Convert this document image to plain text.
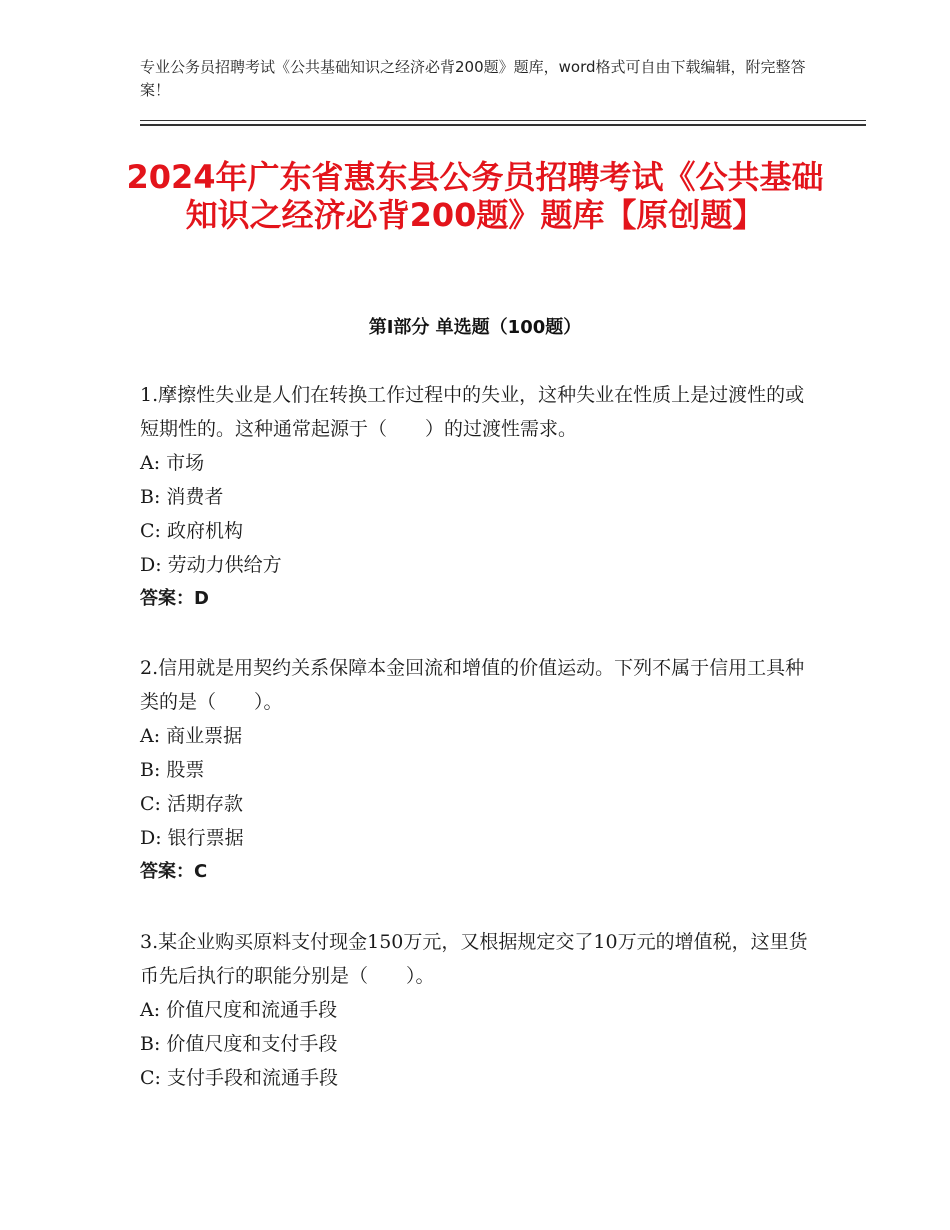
专业公务员招聘考试《公共基础知识之经济必背200题》题库，word格式可自由下载编辑，附完整答案！
2024年广东省惠东县公务员招聘考试《公共基础知识之经济必背200题》题库【原创题】
第Ⅰ部分 单选题（100题）

1.摩擦性失业是人们在转换工作过程中的失业，这种失业在性质上是过渡性的或短期性的。这种通常起源于（　　）的过渡性需求。

A: 市场

B: 消费者

C: 政府机构

D: 劳动力供给方

答案：D

2.信用就是用契约关系保障本金回流和增值的价值运动。下列不属于信用工具种类的是（　　）。

A: 商业票据

B: 股票

C: 活期存款

D: 银行票据

答案：C

3.某企业购买原料支付现金150万元，又根据规定交了10万元的增值税，这里货币先后执行的职能分别是（　　）。

A: 价值尺度和流通手段

B: 价值尺度和支付手段

C: 支付手段和流通手段
